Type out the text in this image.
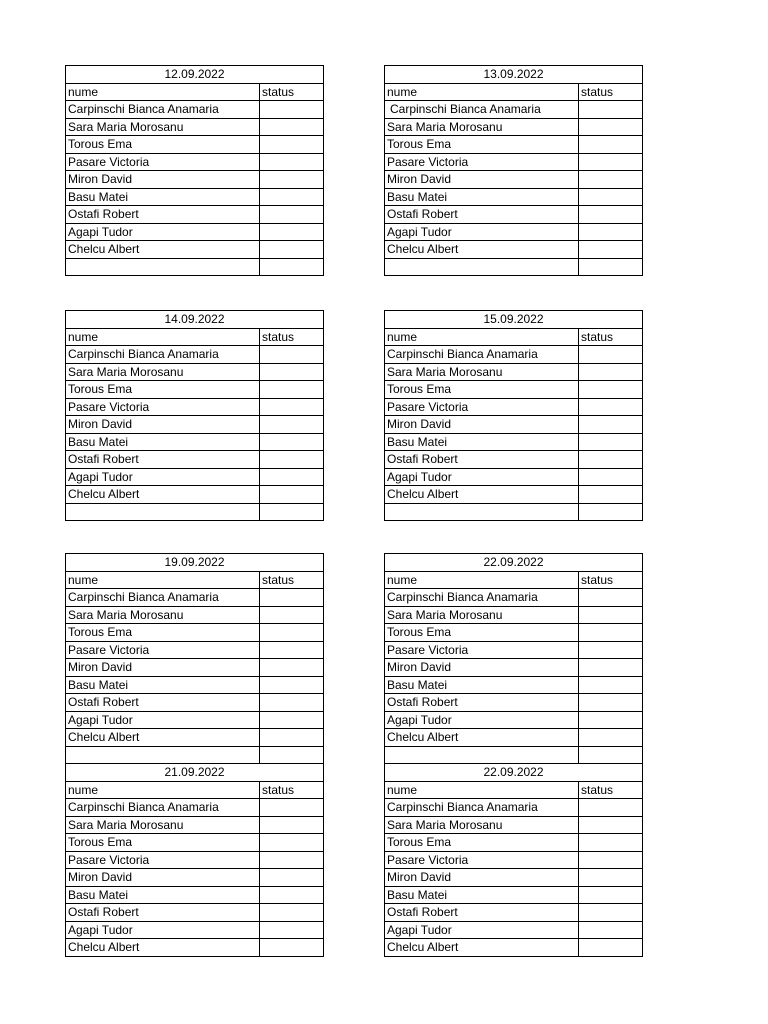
12.09.2022	
nume	status
Carpinschi Bianca Anamaria	
Sara Maria Morosanu	
Torous Ema	
Pasare Victoria	
Miron David	
Basu Matei	
Ostafi Robert	
Agapi Tudor	
Chelcu Albert	

13.09.2022	
nume	status
Carpinschi Bianca Anamaria	
Sara Maria Morosanu	
Torous Ema	
Pasare Victoria	
Miron David	
Basu Matei	
Ostafi Robert	
Agapi Tudor	
Chelcu Albert	

14.09.2022	
nume	status
Carpinschi Bianca Anamaria	
Sara Maria Morosanu	
Torous Ema	
Pasare Victoria	
Miron David	
Basu Matei	
Ostafi Robert	
Agapi Tudor	
Chelcu Albert	

15.09.2022	
nume	status
Carpinschi Bianca Anamaria	
Sara Maria Morosanu	
Torous Ema	
Pasare Victoria	
Miron David	
Basu Matei	
Ostafi Robert	
Agapi Tudor	
Chelcu Albert	

19.09.2022	
nume	status
Carpinschi Bianca Anamaria	
Sara Maria Morosanu	
Torous Ema	
Pasare Victoria	
Miron David	
Basu Matei	
Ostafi Robert	
Agapi Tudor	
Chelcu Albert	

22.09.2022	
nume	status
Carpinschi Bianca Anamaria	
Sara Maria Morosanu	
Torous Ema	
Pasare Victoria	
Miron David	
Basu Matei	
Ostafi Robert	
Agapi Tudor	
Chelcu Albert	

21.09.2022	
nume	status
Carpinschi Bianca Anamaria	
Sara Maria Morosanu	
Torous Ema	
Pasare Victoria	
Miron David	
Basu Matei	
Ostafi Robert	
Agapi Tudor	
Chelcu Albert	
22.09.2022	
nume	status
Carpinschi Bianca Anamaria	
Sara Maria Morosanu	
Torous Ema	
Pasare Victoria	
Miron David	
Basu Matei	
Ostafi Robert	
Agapi Tudor	
Chelcu Albert	
